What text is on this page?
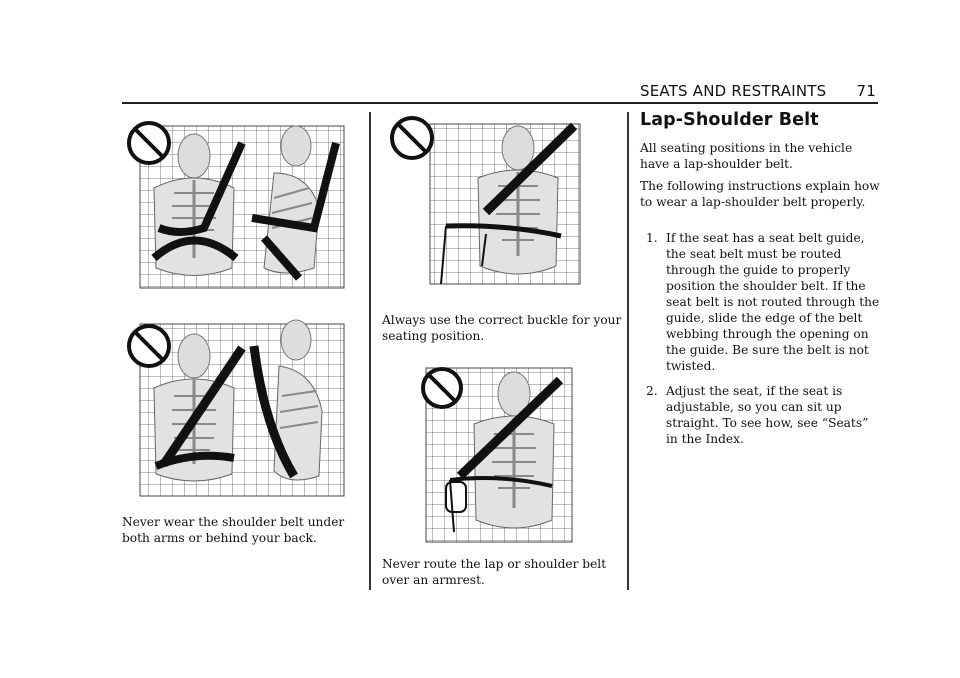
SEATS AND RESTRAINTS 71
Never wear the shoulder belt under both arms or behind your back.
Always use the correct buckle for your seating position.
Never route the lap or shoulder belt over an armrest.
Lap-Shoulder Belt

All seating positions in the vehicle have a lap-shoulder belt.

The following instructions explain how to wear a lap-shoulder belt properly.

1. If the seat has a seat belt guide, the seat belt must be routed through the guide to properly position the shoulder belt. If the seat belt is not routed through the guide, slide the edge of the belt webbing through the opening on the guide. Be sure the belt is not twisted.
2. Adjust the seat, if the seat is adjustable, so you can sit up straight. To see how, see “Seats” in the Index.
